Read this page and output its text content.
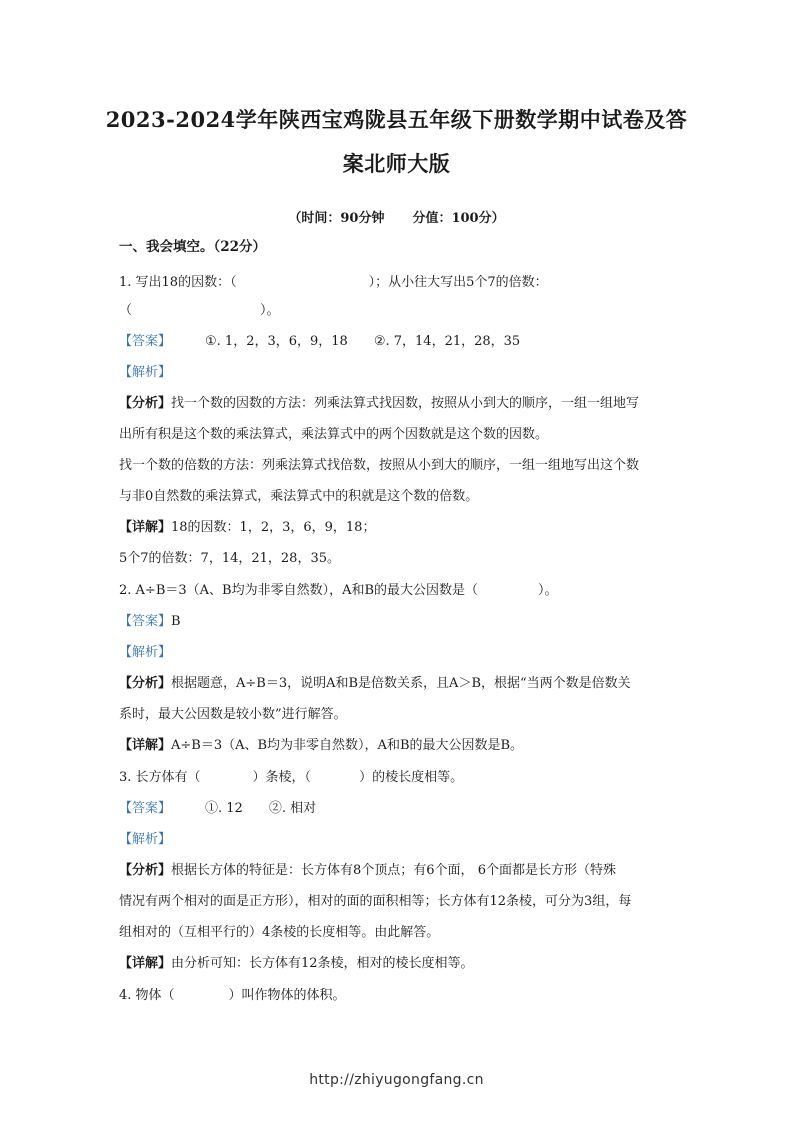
2023-2024学年陕西宝鸡陇县五年级下册数学期中试卷及答
案北师大版
（时间：90分钟 分值：100分）
一、我会填空。（22分）
1. 写出18的因数：（	）；从小往大写出5个7的倍数：
（	）。
【答案】	①. 1，2，3，6，9，18　　②. 7，14，21，28，35
【解析】
【分析】找一个数的因数的方法：列乘法算式找因数，按照从小到大的顺序，一组一组地写
出所有积是这个数的乘法算式，乘法算式中的两个因数就是这个数的因数。
找一个数的倍数的方法：列乘法算式找倍数，按照从小到大的顺序，一组一组地写出这个数
与非0自然数的乘法算式，乘法算式中的积就是这个数的倍数。
【详解】18的因数：1，2，3，6，9，18；
5个7的倍数：7，14，21，28，35。
2. A÷B＝3（A、B均为非零自然数），A和B的最大公因数是（	）。
【答案】B
【解析】
【分析】根据题意，A÷B＝3，说明A和B是倍数关系，且A＞B，根据“当两个数是倍数关
系时，最大公因数是较小数”进行解答。
【详解】A÷B＝3（A、B均为非零自然数），A和B的最大公因数是B。
3. 长方体有（	）条棱，（	）的棱长度相等。
【答案】	①. 12　　②. 相对
【解析】
【分析】根据长方体的特征是：长方体有8个顶点；有6个面， 6个面都是长方形（特殊
情况有两个相对的面是正方形），相对的面的面积相等；长方体有12条棱，可分为3组，每
组相对的（互相平行的）4条棱的长度相等。由此解答。
【详解】由分析可知：长方体有12条棱，相对的棱长度相等。
4. 物体（	）叫作物体的体积。
http://zhiyugongfang.cn
